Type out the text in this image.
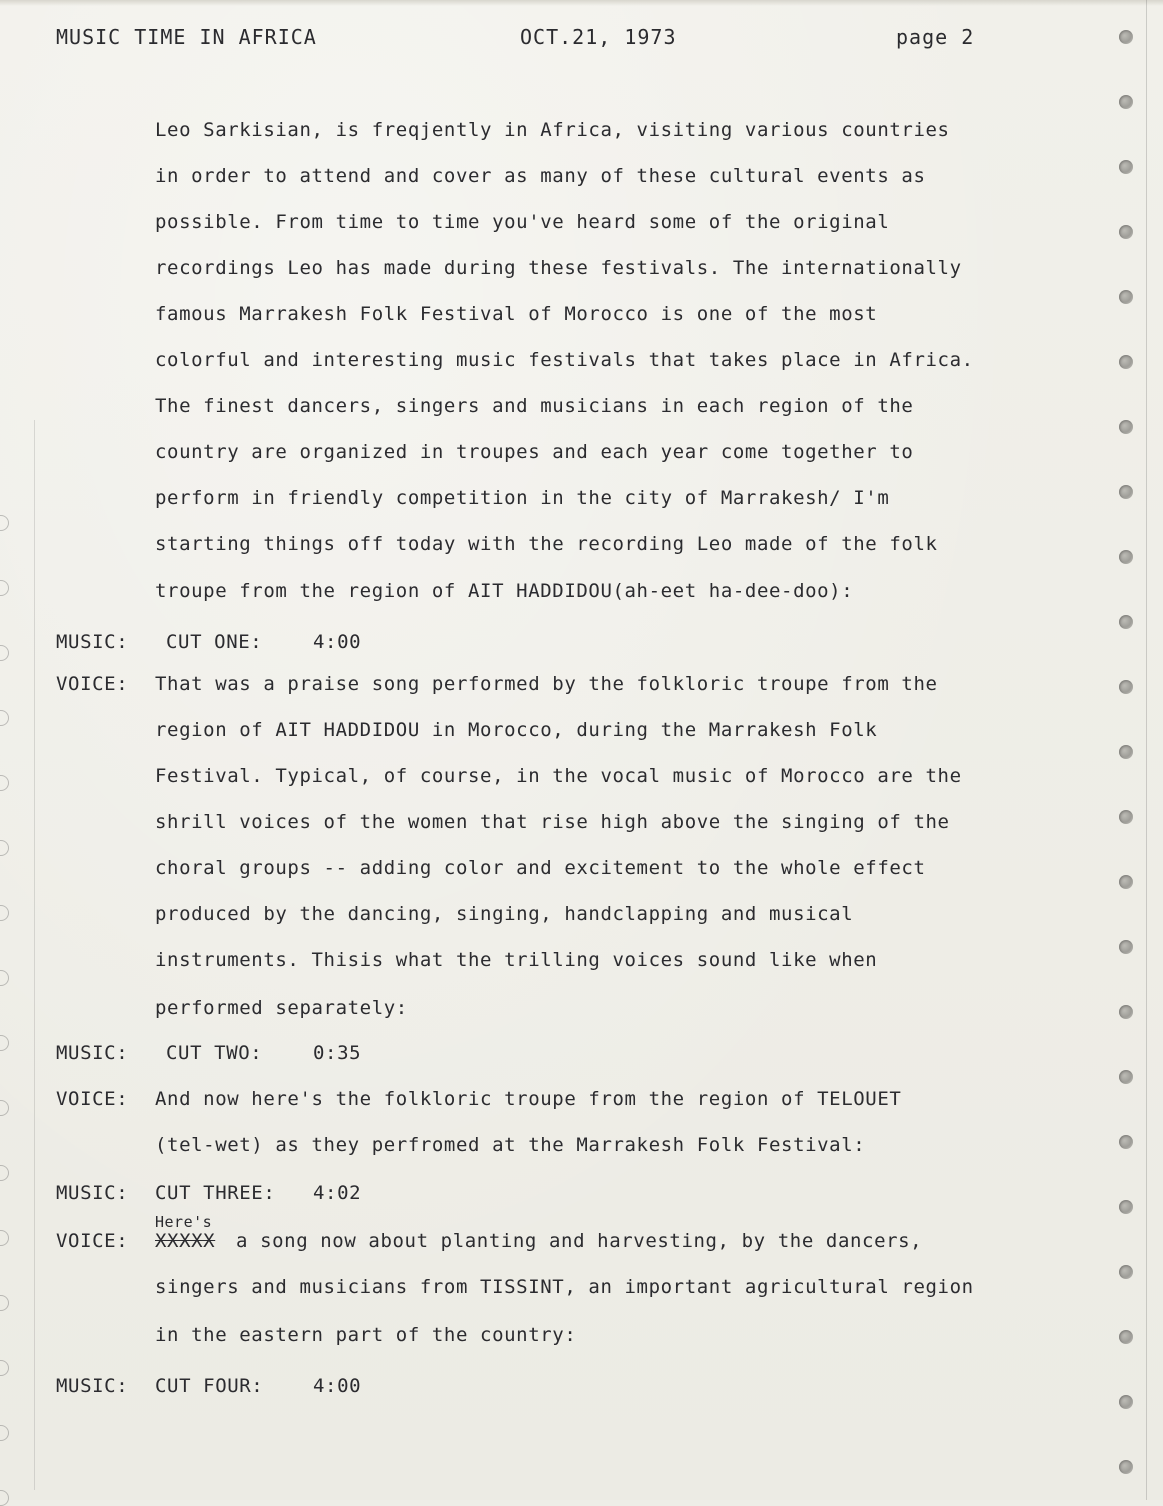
MUSIC TIME IN AFRICA	OCT.21, 1973	page 2
Leo Sarkisian, is freqjently in Africa, visiting various countries
in order to attend and cover as many of these cultural events as
possible. From time to time you've heard some of the original
recordings Leo has made during these festivals. The internationally
famous Marrakesh Folk Festival of Morocco is one of the most
colorful and interesting music festivals that takes place in Africa.
The finest dancers, singers and musicians in each region of the
country are organized in troupes and each year come together to
perform in friendly competition in the city of Marrakesh/ I'm
starting things off today with the recording Leo made of the folk
troupe from the region of AIT HADDIDOU(ah-eet ha-dee-doo):
MUSIC: CUT ONE:	4:00
VOICE: That was a praise song performed by the folkloric troupe from the
region of AIT HADDIDOU in Morocco, during the Marrakesh Folk
Festival. Typical, of course, in the vocal music of Morocco are the
shrill voices of the women that rise high above the singing of the
choral groups -- adding color and excitement to the whole effect
produced by the dancing, singing, handclapping and musical
instruments. Thisis what the trilling voices sound like when
performed separately:
MUSIC: CUT TWO:	0:35
VOICE: And now here's the folkloric troupe from the region of TELOUET
(tel-wet) as they perfromed at the Marrakesh Folk Festival:
MUSIC: CUT THREE: 4:02
VOICE:
Here's
XXXXX a song now about planting and harvesting, by the dancers,
singers and musicians from TISSINT, an important agricultural region
in the eastern part of the country:
MUSIC: CUT FOUR:	4:00
